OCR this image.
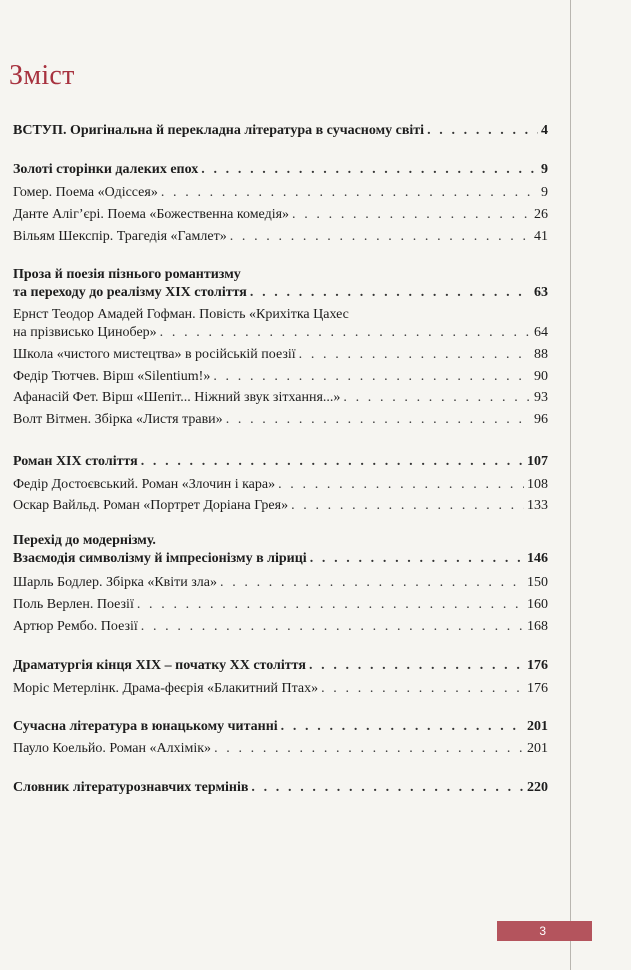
Зміст
ВСТУП. Оригінальна й перекладна література в сучасному світі . . .	4
Золоті сторінки далеких епох . . .	9
Гомер. Поема «Одіссея» . . .	9
Данте Аліг’єрі. Поема «Божественна комедія» . . .	26
Вільям Шекспір. Трагедія «Гамлет» . . .	41
Проза й поезія пізнього романтизму
та переходу до реалізму XIX століття . . .	63
Ернст Теодор Амадей Гофман. Повість «Крихітка Цахес
на прізвисько Цинобер» . . .	64
Школа «чистого мистецтва» в російській поезії . . .	88
Федір Тютчев. Вірш «Silentium!» . . .	90
Афанасій Фет. Вірш «Шепіт... Ніжний звук зітхання...» . . .	93
Волт Вітмен. Збірка «Листя трави» . . .	96
Роман XIX століття . . .	107
Федір Достоєвський. Роман «Злочин і кара» . . .	108
Оскар Вайльд. Роман «Портрет Доріана Грея» . . .	133
Перехід до модернізму.
Взаємодія символізму й імпресіонізму в ліриці . . .	146
Шарль Бодлер. Збірка «Квіти зла» . . .	150
Поль Верлен. Поезії . . .	160
Артюр Рембо. Поезії . . .	168
Драматургія кінця XIX – початку XX століття . . .	176
Моріс Метерлінк. Драма-феєрія «Блакитний Птах» . . .	176
Сучасна література в юнацькому читанні . . .	201
Пауло Коельйо. Роман «Алхімік» . . .	201
Словник літературознавчих термінів . . .	220
3
